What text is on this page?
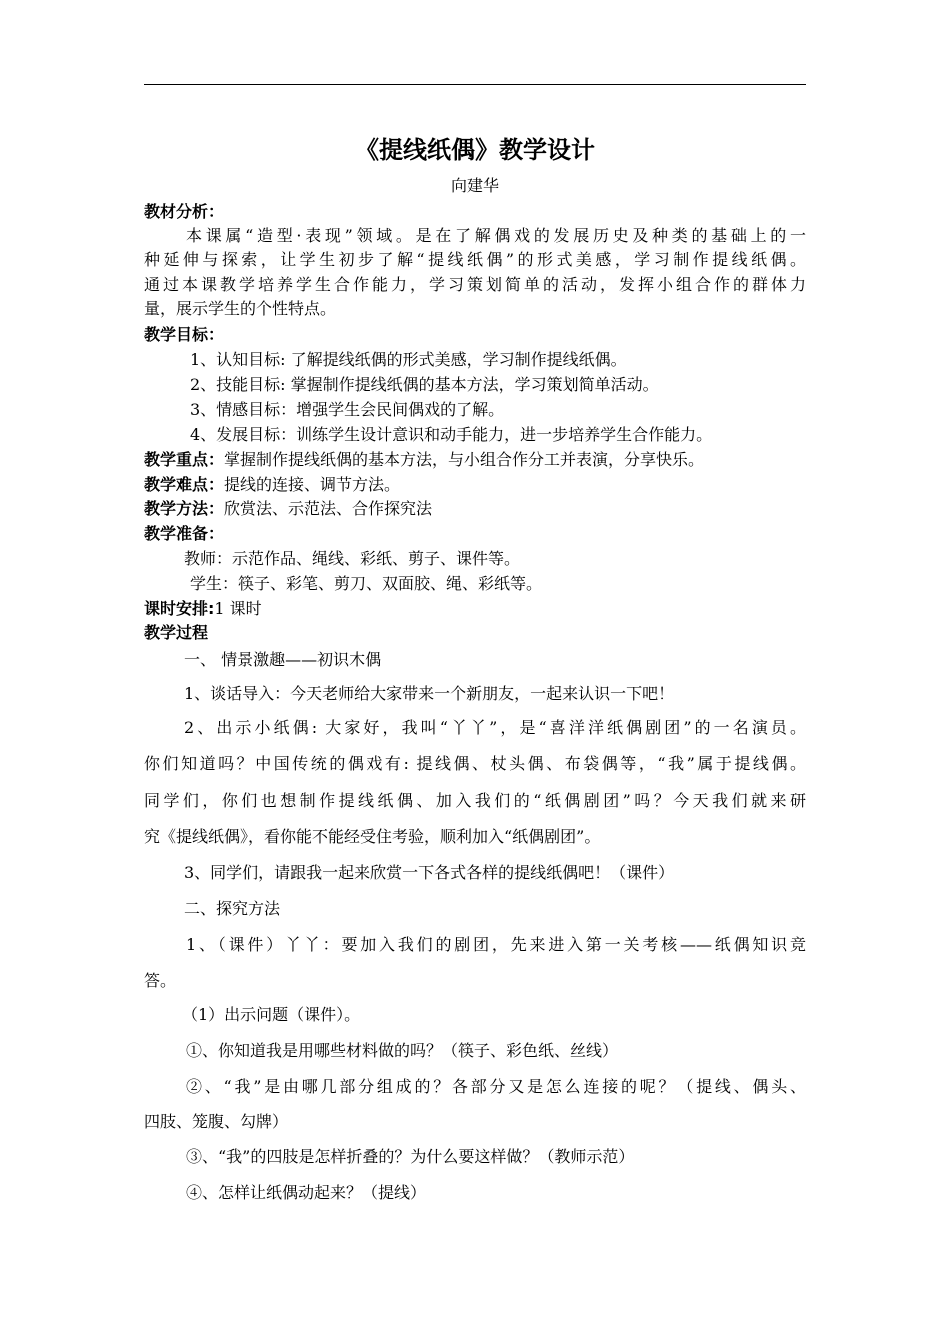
《提线纸偶》教学设计
向建华
教材分析：
本课属“造型·表现”领域。是在了解偶戏的发展历史及种类的基础上的一
种延伸与探索，让学生初步了解“提线纸偶”的形式美感，学习制作提线纸偶。
通过本课教学培养学生合作能力，学习策划简单的活动，发挥小组合作的群体力
量，展示学生的个性特点。
教学目标：
1、认知目标: 了解提线纸偶的形式美感，学习制作提线纸偶。
2、技能目标: 掌握制作提线纸偶的基本方法，学习策划简单活动。
3、情感目标：增强学生会民间偶戏的了解。
4、发展目标：训练学生设计意识和动手能力，进一步培养学生合作能力。
教学重点：掌握制作提线纸偶的基本方法，与小组合作分工并表演，分享快乐。
教学难点：提线的连接、调节方法。
教学方法：欣赏法、示范法、合作探究法
教学准备：
教师：示范作品、绳线、彩纸、剪子、课件等。
学生：筷子、彩笔、剪刀、双面胶、绳、彩纸等。
课时安排:1 课时
教学过程
一、 情景激趣——初识木偶
1、谈话导入：今天老师给大家带来一个新朋友，一起来认识一下吧！
2、出示小纸偶: 大家好，我叫“丫丫”，是“喜洋洋纸偶剧团”的一名演员。
你们知道吗？中国传统的偶戏有: 提线偶、杖头偶、布袋偶等，“我”属于提线偶。
同学们，你们也想制作提线纸偶、加入我们的“纸偶剧团”吗？今天我们就来研
究《提线纸偶》，看你能不能经受住考验，顺利加入“纸偶剧团”。
3、同学们，请跟我一起来欣赏一下各式各样的提线纸偶吧！（课件）
二、探究方法
1、（课件）丫丫：要加入我们的剧团，先来进入第一关考核——纸偶知识竞
答。
（1）出示问题（课件）。
①、你知道我是用哪些材料做的吗？（筷子、彩色纸、丝线）
②、“我”是由哪几部分组成的？各部分又是怎么连接的呢？（提线、偶头、
四肢、笼腹、勾牌）
③、“我”的四肢是怎样折叠的？为什么要这样做？（教师示范）
④、怎样让纸偶动起来？（提线）
